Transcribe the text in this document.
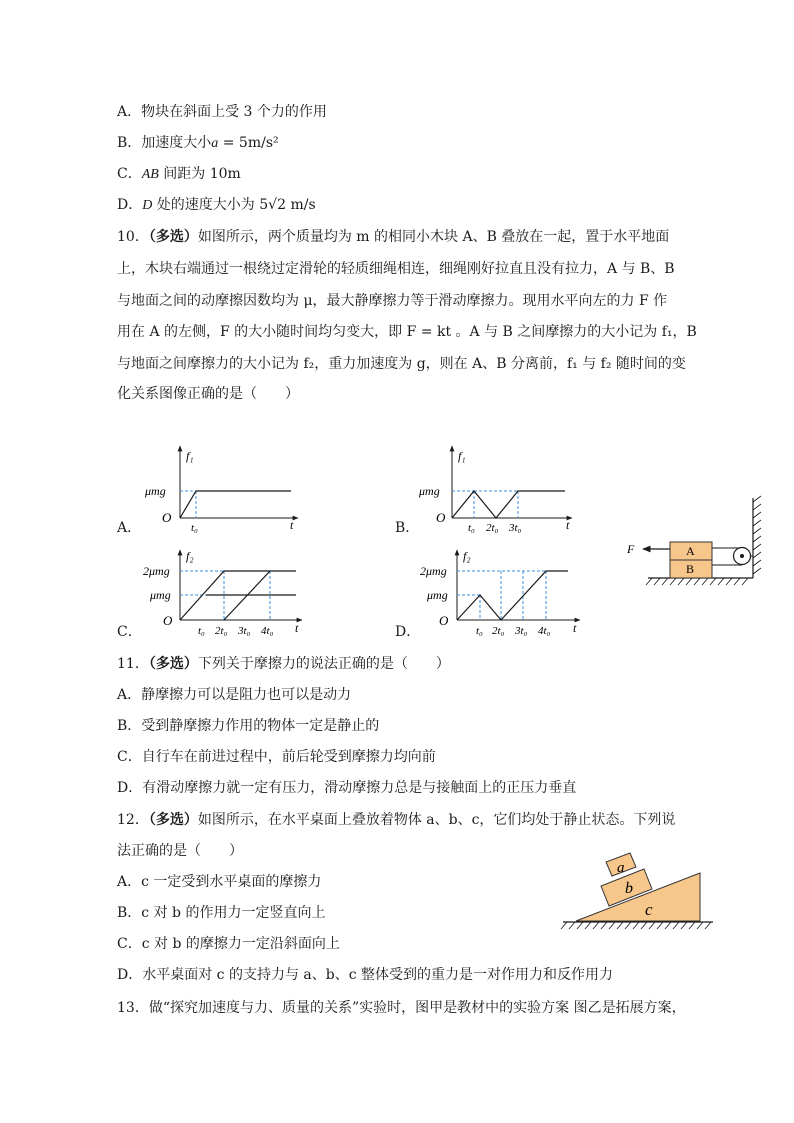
A．物块在斜面上受 3 个力的作用
B．加速度大小a = 5m/s²
C．AB 间距为 10m
D．D 处的速度大小为 5√2 m/s
10．（多选）如图所示，两个质量均为 m 的相同小木块 A、B 叠放在一起，置于水平地面
上，木块右端通过一根绕过定滑轮的轻质细绳相连，细绳刚好拉直且没有拉力，A 与 B、B
与地面之间的动摩擦因数均为 μ，最大静摩擦力等于滑动摩擦力。现用水平向左的力 F 作
用在 A 的左侧，F 的大小随时间均匀变大，即 F = kt 。A 与 B 之间摩擦力的大小记为 f₁，B
与地面之间摩擦力的大小记为 f₂，重力加速度为 g，则在 A、B 分离前，f₁ 与 f₂ 随时间的变
化关系图像正确的是（　　）
A．	B．
C．	D．
f₁
μmg
O
t₀	t
f₁
μmg
O
t₀ 2t₀ 3t₀	t
f₂
2μmg
μmg
O
t₀ 2t₀ 3t₀ 4t₀ t
f₂
2μmg
μmg
O
t₀ 2t₀ 3t₀ 4t₀ t
A
B
F
11．（多选）下列关于摩擦力的说法正确的是（　　）
A．静摩擦力可以是阻力也可以是动力
B．受到静摩擦力作用的物体一定是静止的
C．自行车在前进过程中，前后轮受到摩擦力均向前
D．有滑动摩擦力就一定有压力，滑动摩擦力总是与接触面上的正压力垂直
12．（多选）如图所示，在水平桌面上叠放着物体 a、b、c，它们均处于静止状态。下列说
法正确的是（　　）
A．c 一定受到水平桌面的摩擦力
B．c 对 b 的作用力一定竖直向上
C．c 对 b 的摩擦力一定沿斜面向上
D．水平桌面对 c 的支持力与 a、b、c 整体受到的重力是一对作用力和反作用力
a
b
c
13．做“探究加速度与力、质量的关系”实验时，图甲是教材中的实验方案 图乙是拓展方案，
